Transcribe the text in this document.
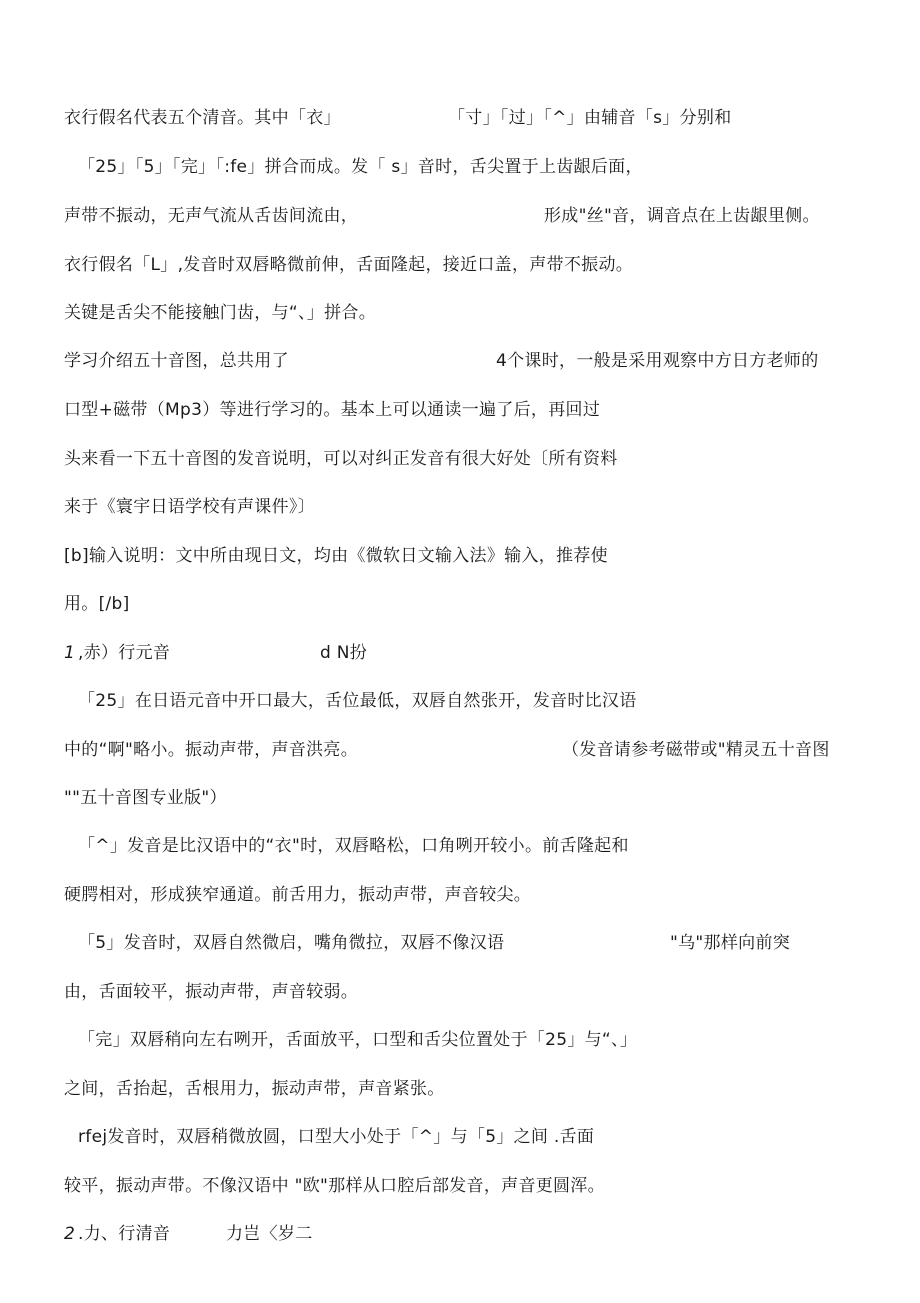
衣行假名代表五个清音。其中「衣」	「寸」「过」「^」由辅音「s」分别和
「25」「5」「完」「:fe」拼合而成。发「 s」音时，舌尖置于上齿龈后面，
声带不振动，无声气流从舌齿间流由，	形成"丝"音，调音点在上齿龈里侧。
衣行假名「L」,发音时双唇略微前伸，舌面隆起，接近口盖，声带不振动。
关键是舌尖不能接触门齿，与“、」拼合。
学习介绍五十音图，总共用了	4个课时，一般是采用观察中方日方老师的
口型+磁带（Mp3）等进行学习的。基本上可以通读一遍了后，再回过
头来看一下五十音图的发音说明，可以对纠正发音有很大好处〔所有资料
来于《寰宇日语学校有声课件》〕
[b]输入说明：文中所由现日文，均由《微软日文输入法》输入，推荐使
用。[/b]
1 ,赤）行元音	d N扮
「25」在日语元音中开口最大，舌位最低，双唇自然张开，发音时比汉语
中的“啊"略小。振动声带，声音洪亮。	（发音请参考磁带或"精灵五十音图
""五十音图专业版"）
「^」发音是比汉语中的“衣"时，双唇略松，口角咧开较小。前舌隆起和
硬腭相对，形成狭窄通道。前舌用力，振动声带，声音较尖。
「5」发音时，双唇自然微启，嘴角微拉，双唇不像汉语	"乌"那样向前突
由，舌面较平，振动声带，声音较弱。
「完」双唇稍向左右咧开，舌面放平，口型和舌尖位置处于「25」与“、」
之间，舌抬起，舌根用力，振动声带，声音紧张。
rfej发音时，双唇稍微放圆，口型大小处于「^」与「5」之间 .舌面
较平，振动声带。不像汉语中 "欧"那样从口腔后部发音，声音更圆浑。
2 .力、行清音	力岂〈岁二
